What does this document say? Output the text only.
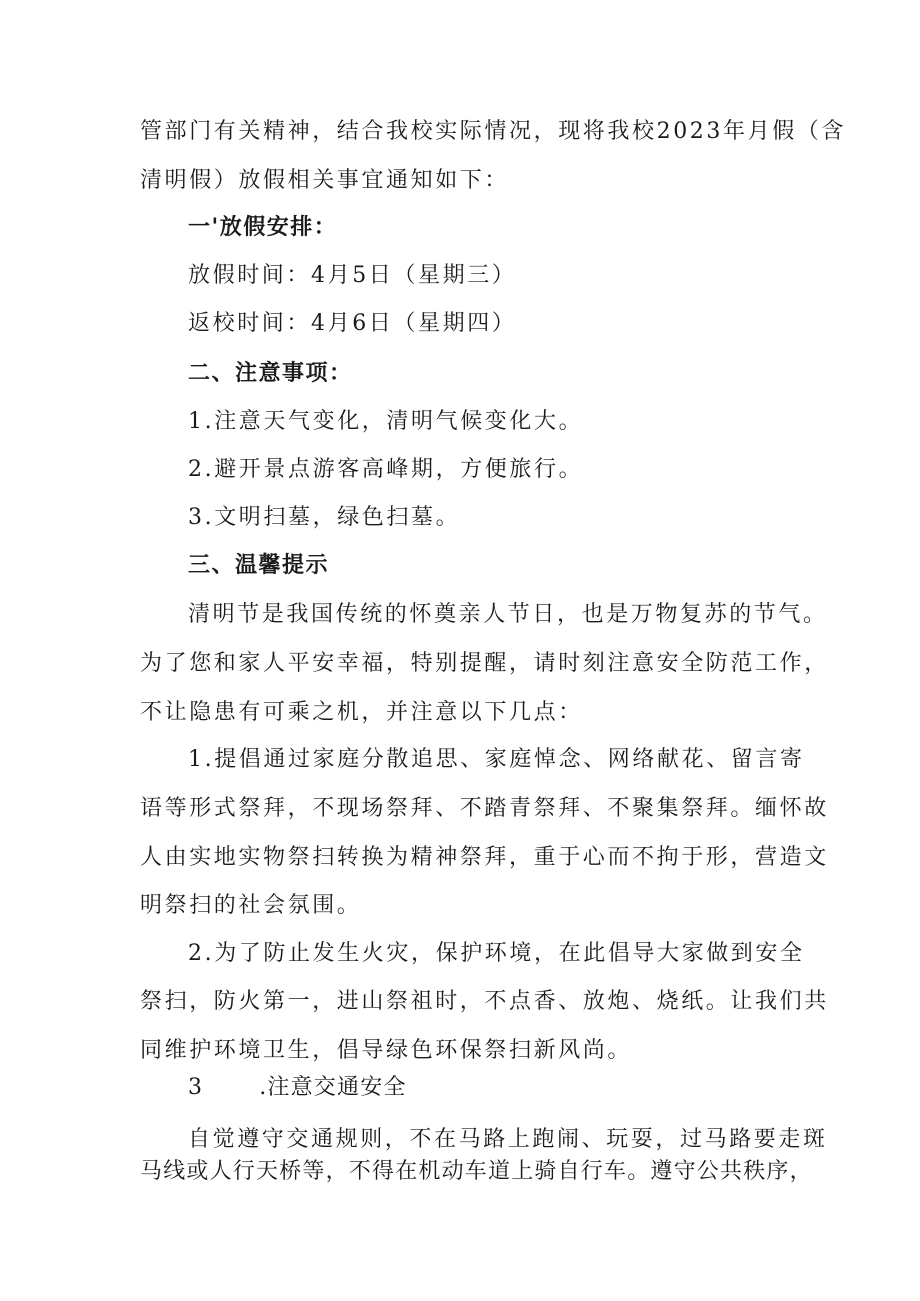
管部门有关精神，结合我校实际情况，现将我校2023年月假（含
清明假）放假相关事宜通知如下：
一'放假安排：
放假时间：4月5日（星期三）
返校时间：4月6日（星期四）
二、注意事项：
1.注意天气变化，清明气候变化大。
2.避开景点游客高峰期，方便旅行。
3.文明扫墓，绿色扫墓。
三、温馨提示
清明节是我国传统的怀奠亲人节日，也是万物复苏的节气。
为了您和家人平安幸福，特别提醒，请时刻注意安全防范工作，
不让隐患有可乘之机，并注意以下几点：
1.提倡通过家庭分散追思、家庭悼念、网络献花、留言寄
语等形式祭拜，不现场祭拜、不踏青祭拜、不聚集祭拜。缅怀故
人由实地实物祭扫转换为精神祭拜，重于心而不拘于形，营造文
明祭扫的社会氛围。
2.为了防止发生火灾，保护环境，在此倡导大家做到安全
祭扫，防火第一，进山祭祖时，不点香、放炮、烧纸。让我们共
同维护环境卫生，倡导绿色环保祭扫新风尚。
3	.注意交通安全
自觉遵守交通规则，不在马路上跑闹、玩耍，过马路要走斑
马线或人行天桥等，不得在机动车道上骑自行车。遵守公共秩序，
